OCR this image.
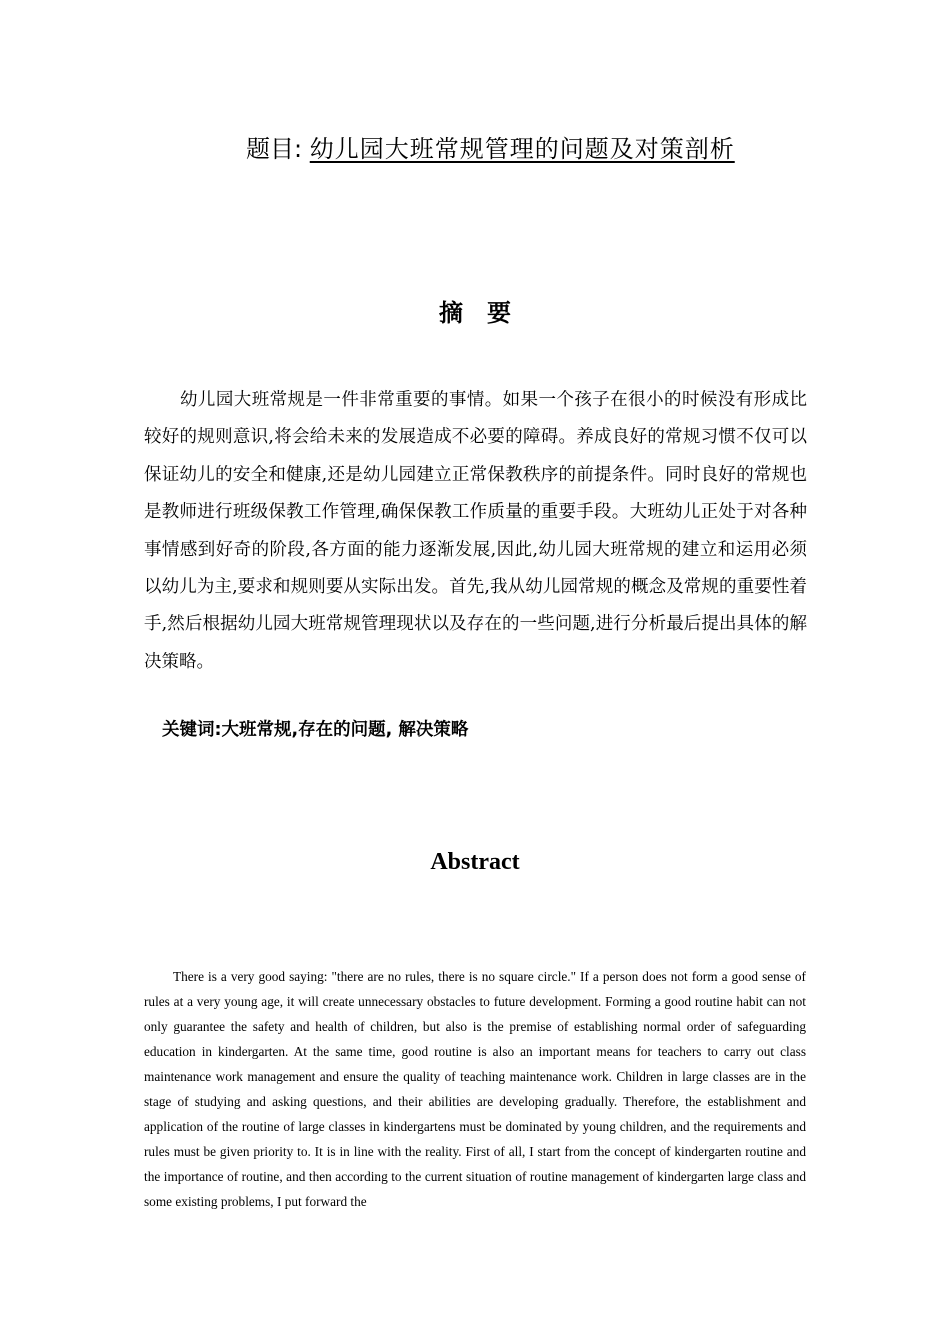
题目: 幼儿园大班常规管理的问题及对策剖析
摘要

幼儿园大班常规是一件非常重要的事情。如果一个孩子在很小的时候没有形成比较好的规则意识,将会给未来的发展造成不必要的障碍。养成良好的常规习惯不仅可以保证幼儿的安全和健康,还是幼儿园建立正常保教秩序的前提条件。同时良好的常规也是教师进行班级保教工作管理,确保保教工作质量的重要手段。大班幼儿正处于对各种事情感到好奇的阶段,各方面的能力逐渐发展,因此,幼儿园大班常规的建立和运用必须以幼儿为主,要求和规则要从实际出发。首先,我从幼儿园常规的概念及常规的重要性着手,然后根据幼儿园大班常规管理现状以及存在的一些问题,进行分析最后提出具体的解决策略。

关键词:大班常规,存在的问题, 解决策略
Abstract

There is a very good saying: "there are no rules, there is no square circle." If a person does not form a good sense of rules at a very young age, it will create unnecessary obstacles to future development. Forming a good routine habit can not only guarantee the safety and health of children, but also is the premise of establishing normal order of safeguarding education in kindergarten. At the same time, good routine is also an important means for teachers to carry out class maintenance work management and ensure the quality of teaching maintenance work. Children in large classes are in the stage of studying and asking questions, and their abilities are developing gradually. Therefore, the establishment and application of the routine of large classes in kindergartens must be dominated by young children, and the requirements and rules must be given priority to. It is in line with the reality. First of all, I start from the concept of kindergarten routine and the importance of routine, and then according to the current situation of routine management of kindergarten large class and some existing problems, I put forward the
